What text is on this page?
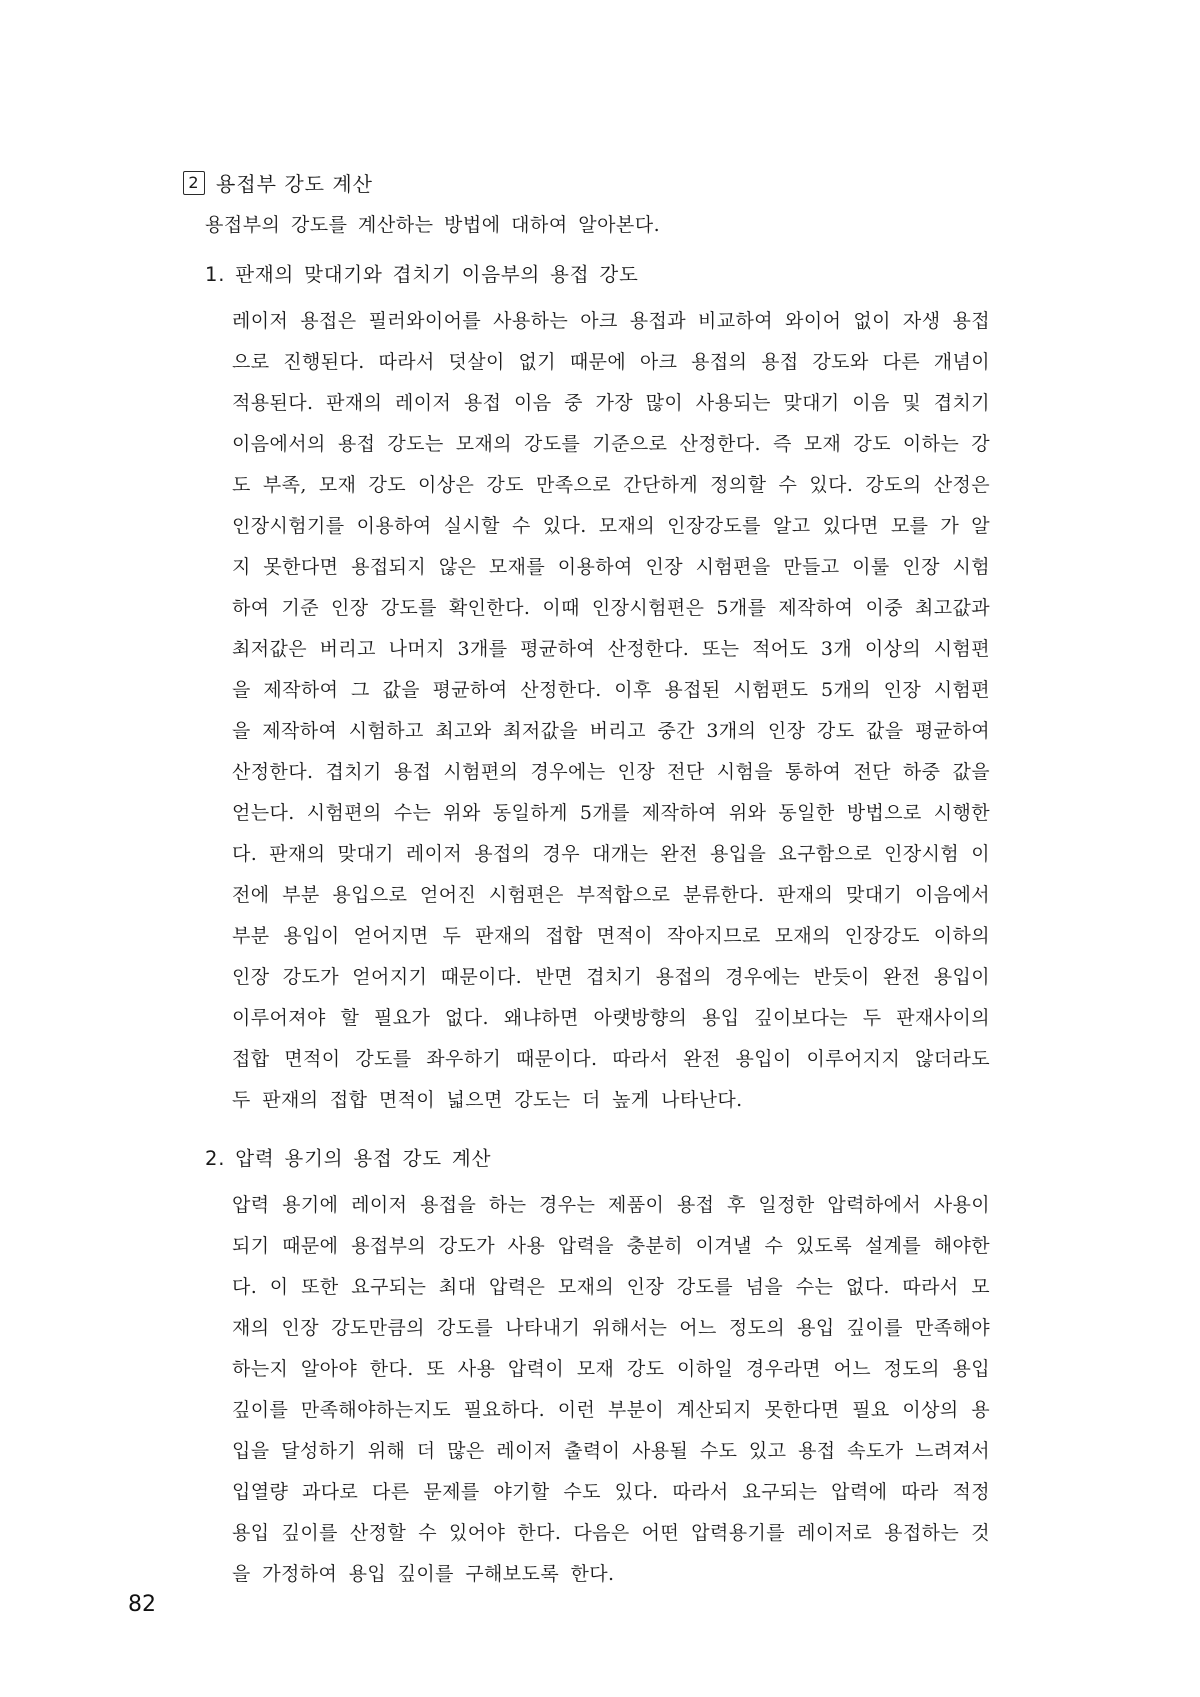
2 용접부 강도 계산
용접부의 강도를 계산하는 방법에 대하여 알아본다.
1. 판재의 맞대기와 겹치기 이음부의 용접 강도
레이저 용접은 필러와이어를 사용하는 아크 용접과 비교하여 와이어 없이 자생 용접으로 진행된다. 따라서 덧살이 없기 때문에 아크 용접의 용접 강도와 다른 개념이 적용된다. 판재의 레이저 용접 이음 중 가장 많이 사용되는 맞대기 이음 및 겹치기 이음에서의 용접 강도는 모재의 강도를 기준으로 산정한다. 즉 모재 강도 이하는 강도 부족, 모재 강도 이상은 강도 만족으로 간단하게 정의할 수 있다. 강도의 산정은 인장시험기를 이용하여 실시할 수 있다. 모재의 인장강도를 알고 있다면 모를 가 알지 못한다면 용접되지 않은 모재를 이용하여 인장 시험편을 만들고 이룰 인장 시험하여 기준 인장 강도를 확인한다. 이때 인장시험편은 5개를 제작하여 이중 최고값과 최저값은 버리고 나머지 3개를 평균하여 산정한다. 또는 적어도 3개 이상의 시험편을 제작하여 그 값을 평균하여 산정한다. 이후 용접된 시험편도 5개의 인장 시험편을 제작하여 시험하고 최고와 최저값을 버리고 중간 3개의 인장 강도 값을 평균하여 산정한다. 겹치기 용접 시험편의 경우에는 인장 전단 시험을 통하여 전단 하중 값을 얻는다. 시험편의 수는 위와 동일하게 5개를 제작하여 위와 동일한 방법으로 시행한다. 판재의 맞대기 레이저 용접의 경우 대개는 완전 용입을 요구함으로 인장시험 이전에 부분 용입으로 얻어진 시험편은 부적합으로 분류한다. 판재의 맞대기 이음에서 부분 용입이 얻어지면 두 판재의 접합 면적이 작아지므로 모재의 인장강도 이하의 인장 강도가 얻어지기 때문이다. 반면 겹치기 용접의 경우에는 반듯이 완전 용입이 이루어져야 할 필요가 없다. 왜냐하면 아랫방향의 용입 깊이보다는 두 판재사이의 접합 면적이 강도를 좌우하기 때문이다. 따라서 완전 용입이 이루어지지 않더라도 두 판재의 접합 면적이 넓으면 강도는 더 높게 나타난다.
2. 압력 용기의 용접 강도 계산
압력 용기에 레이저 용접을 하는 경우는 제품이 용접 후 일정한 압력하에서 사용이 되기 때문에 용접부의 강도가 사용 압력을 충분히 이겨낼 수 있도록 설계를 해야한다. 이 또한 요구되는 최대 압력은 모재의 인장 강도를 넘을 수는 없다. 따라서 모재의 인장 강도만큼의 강도를 나타내기 위해서는 어느 정도의 용입 깊이를 만족해야 하는지 알아야 한다. 또 사용 압력이 모재 강도 이하일 경우라면 어느 정도의 용입 깊이를 만족해야하는지도 필요하다. 이런 부분이 계산되지 못한다면 필요 이상의 용입을 달성하기 위해 더 많은 레이저 출력이 사용될 수도 있고 용접 속도가 느려져서 입열량 과다로 다른 문제를 야기할 수도 있다. 따라서 요구되는 압력에 따라 적정 용입 깊이를 산정할 수 있어야 한다. 다음은 어떤 압력용기를 레이저로 용접하는 것을 가정하여 용입 깊이를 구해보도록 한다.
82
